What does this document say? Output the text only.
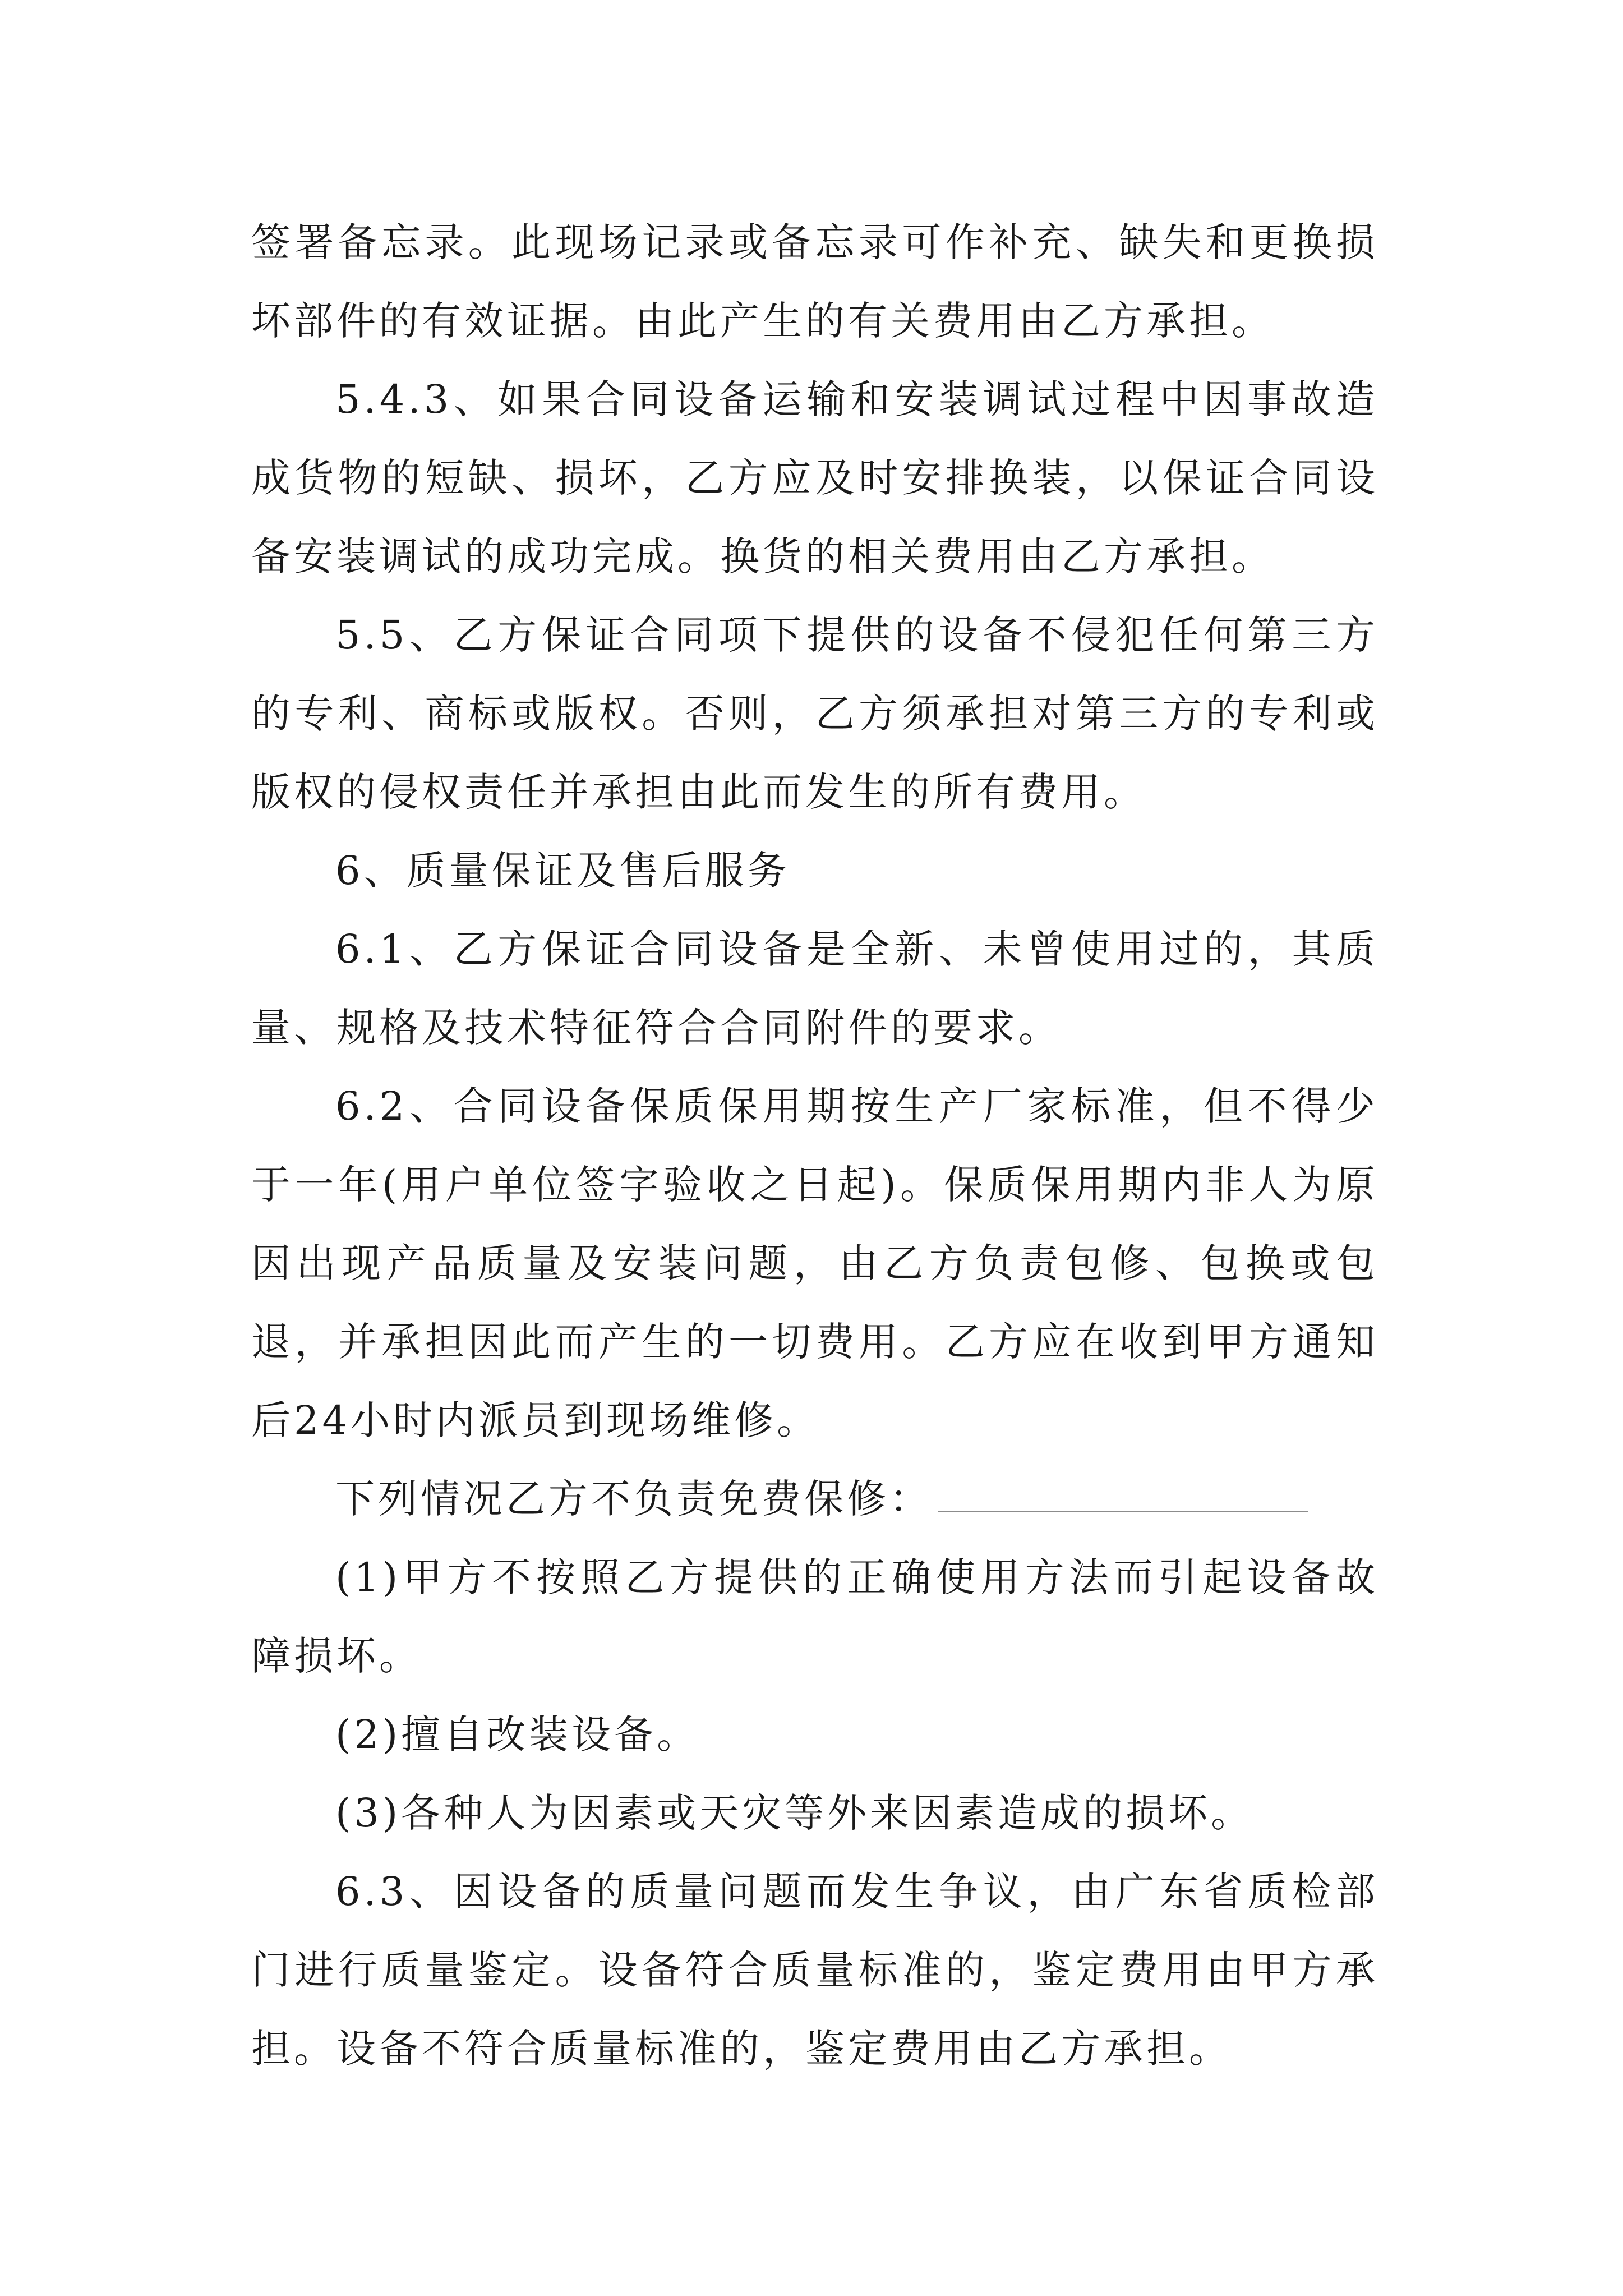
签署备忘录。此现场记录或备忘录可作补充、缺失和更换损坏部件的有效证据。由此产生的有关费用由乙方承担。

5.4.3、如果合同设备运输和安装调试过程中因事故造成货物的短缺、损坏，乙方应及时安排换装，以保证合同设备安装调试的成功完成。换货的相关费用由乙方承担。

5.5、乙方保证合同项下提供的设备不侵犯任何第三方的专利、商标或版权。否则，乙方须承担对第三方的专利或版权的侵权责任并承担由此而发生的所有费用。

6、质量保证及售后服务

6.1、乙方保证合同设备是全新、未曾使用过的，其质量、规格及技术特征符合合同附件的要求。

6.2、合同设备保质保用期按生产厂家标准，但不得少于一年(用户单位签字验收之日起)。保质保用期内非人为原因出现产品质量及安装问题，由乙方负责包修、包换或包退，并承担因此而产生的一切费用。乙方应在收到甲方通知后24小时内派员到现场维修。

下列情况乙方不负责免费保修：

(1)甲方不按照乙方提供的正确使用方法而引起设备故障损坏。

(2)擅自改装设备。

(3)各种人为因素或天灾等外来因素造成的损坏。

6.3、因设备的质量问题而发生争议，由广东省质检部门进行质量鉴定。设备符合质量标准的，鉴定费用由甲方承担。设备不符合质量标准的，鉴定费用由乙方承担。
